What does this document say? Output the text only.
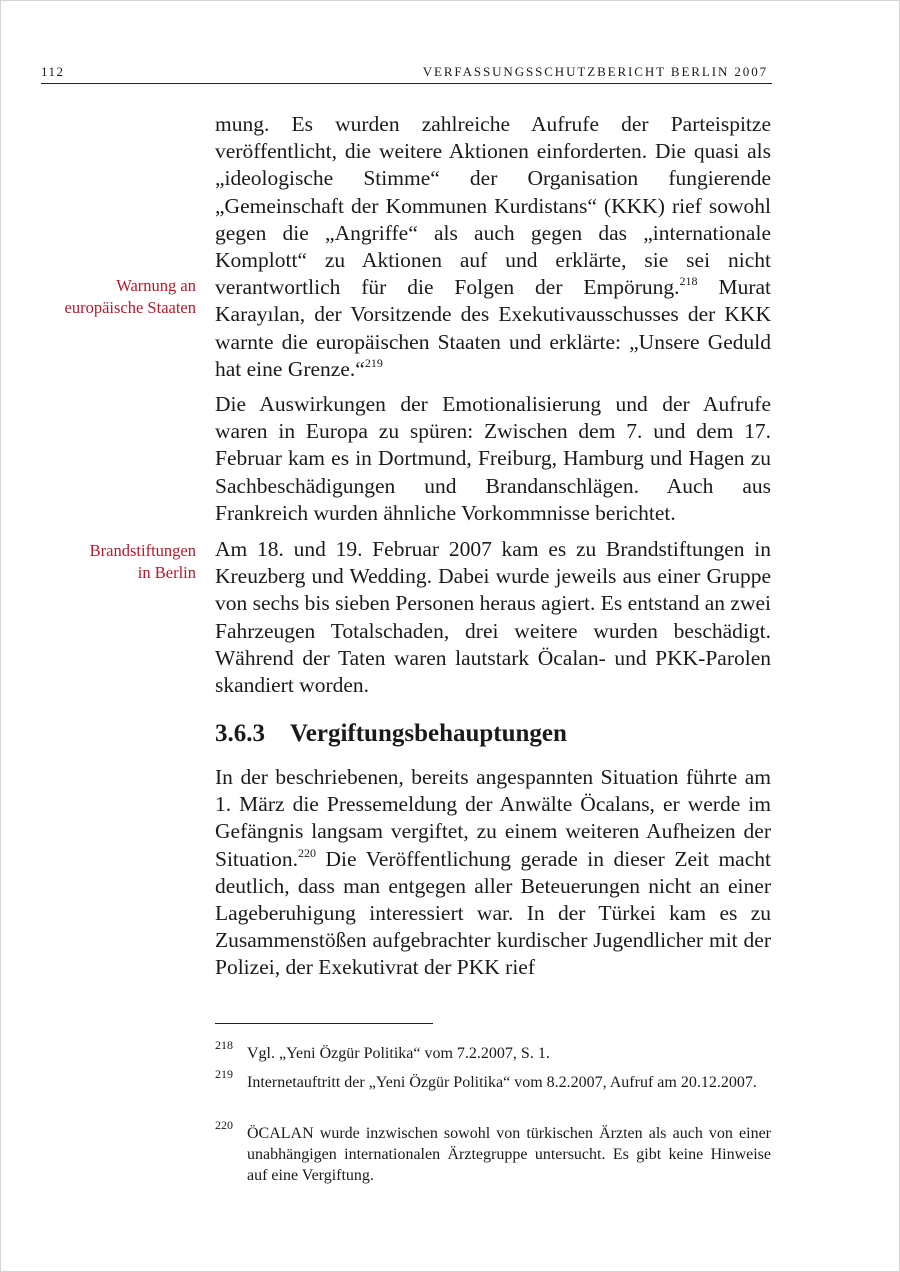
112	VERFASSUNGSSCHUTZBERICHT BERLIN 2007
Warnung an
europäische Staaten
Brandstiftungen
in Berlin

mung. Es wurden zahlreiche Aufrufe der Parteispitze veröffentlicht, die weitere Aktionen einforderten. Die quasi als „ideologische Stimme“ der Organisation fungierende „Gemeinschaft der Kommunen Kurdistans“ (KKK) rief sowohl gegen die „Angriffe“ als auch gegen das „internationale Komplott“ zu Aktionen auf und erklärte, sie sei nicht verantwortlich für die Folgen der Empörung.$^{218}$ Murat Karayılan, der Vorsitzende des Exekutivausschusses der KKK warnte die europäischen Staaten und erklärte: „Unsere Geduld hat eine Grenze.“$^{219}$

Die Auswirkungen der Emotionalisierung und der Aufrufe waren in Europa zu spüren: Zwischen dem 7. und dem 17. Februar kam es in Dortmund, Freiburg, Hamburg und Hagen zu Sachbeschädigungen und Brandanschlägen. Auch aus Frankreich wurden ähnliche Vorkommnisse berichtet.

Am 18. und 19. Februar 2007 kam es zu Brandstiftungen in Kreuzberg und Wedding. Dabei wurde jeweils aus einer Gruppe von sechs bis sieben Personen heraus agiert. Es entstand an zwei Fahrzeugen Totalschaden, drei weitere wurden beschädigt. Während der Taten waren lautstark Öcalan- und PKK-Parolen skandiert worden.

3.6.3 Vergiftungsbehauptungen

In der beschriebenen, bereits angespannten Situation führte am 1. März die Pressemeldung der Anwälte Öcalans, er werde im Gefängnis langsam vergiftet, zu einem weiteren Aufheizen der Situation.$^{220}$ Die Veröffentlichung gerade in dieser Zeit macht deutlich, dass man entgegen aller Beteuerungen nicht an einer Lageberuhigung interessiert war. In der Türkei kam es zu Zusammenstößen aufgebrachter kurdischer Jugendlicher mit der Polizei, der Exekutivrat der PKK rief

218 Vgl. „Yeni Özgür Politika“ vom 7.2.2007, S. 1.
219 Internetauftritt der „Yeni Özgür Politika“ vom 8.2.2007, Aufruf am 20.12.2007.
220 ÖCALAN wurde inzwischen sowohl von türkischen Ärzten als auch von einer unabhängigen internationalen Ärztegruppe untersucht. Es gibt keine Hinweise auf eine Vergiftung.
